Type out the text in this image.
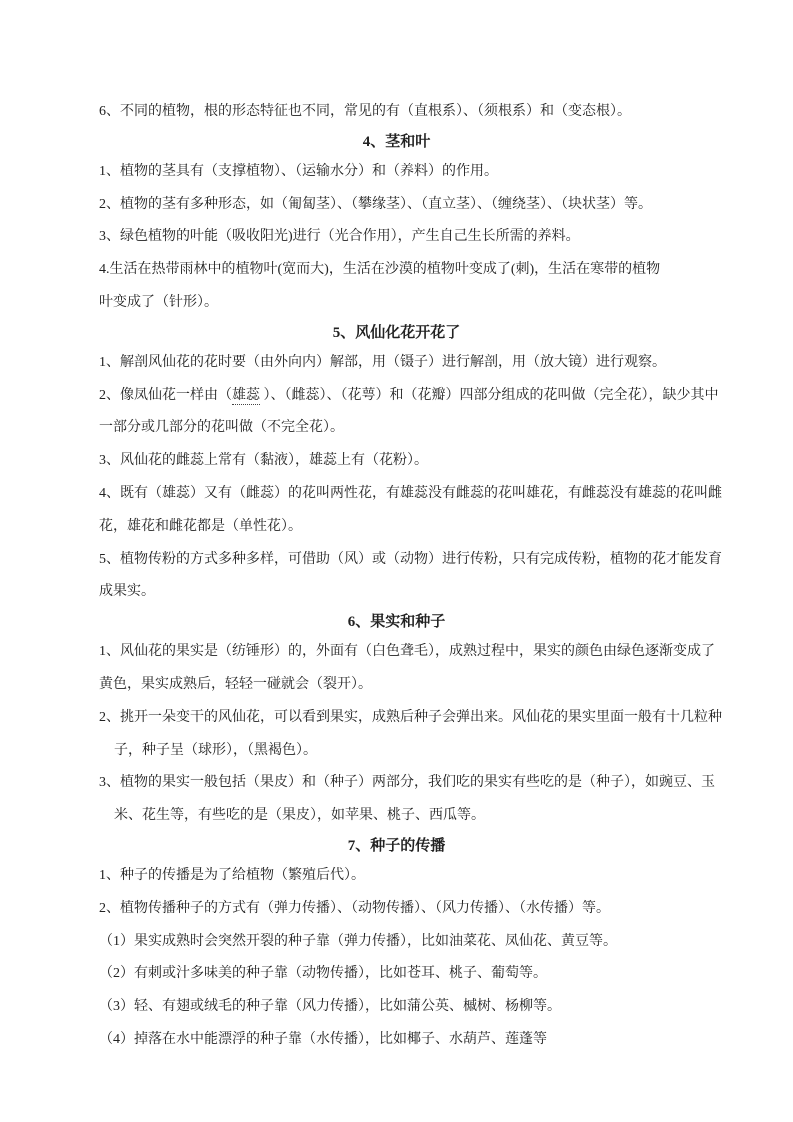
6、不同的植物，根的形态特征也不同，常见的有（直根系）、（须根系）和（变态根）。
4、茎和叶
1、植物的茎具有（支撑植物）、（运输水分）和（养料）的作用。
2、植物的茎有多种形态，如（匍匐茎）、（攀缘茎）、（直立茎）、（缠绕茎）、（块状茎）等。
3、绿色植物的叶能（吸收阳光)进行（光合作用），产生自己生长所需的养料。
4.生活在热带雨林中的植物叶(宽而大)，生活在沙漠的植物叶变成了(刺)，生活在寒带的植物
叶变成了（针形）。
5、风仙化花开花了
1、解剖风仙花的花时要（由外向内）解部，用（镊子）进行解剖，用（放大镜）进行观察。
2、像凤仙花一样由（雄蕊 ）、（雌蕊）、（花萼）和（花瓣）四部分组成的花叫做（完全花），缺少其中
一部分或几部分的花叫做（不完全花）。
3、风仙花的雌蕊上常有（黏液），雄蕊上有（花粉）。
4、既有（雄蕊）又有（雌蕊）的花叫两性花，有雄蕊没有雌蕊的花叫雄花，有雌蕊没有雄蕊的花叫雌
花，雄花和雌花都是（单性花）。
5、植物传粉的方式多种多样，可借助（风）或（动物）进行传粉，只有完成传粉，植物的花才能发育
成果实。
6、果实和种子
1、风仙花的果实是（纺锤形）的，外面有（白色聋毛），成熟过程中，果实的颜色由绿色逐渐变成了
黄色，果实成熟后，轻轻一碰就会（裂开）。
2、挑开一朵变干的风仙花，可以看到果实，成熟后种子会弹出来。风仙花的果实里面一般有十几粒种
子，种子呈（球形），（黑褐色）。
3、植物的果实一般包括（果皮）和（种子）两部分，我们吃的果实有些吃的是（种子），如豌豆、玉
米、花生等，有些吃的是（果皮），如苹果、桃子、西瓜等。
7、种子的传播
1、种子的传播是为了给植物（繁殖后代）。
2、植物传播种子的方式有（弹力传播）、（动物传播）、（风力传播）、（水传播）等。
（1）果实成熟时会突然开裂的种子靠（弹力传播），比如油菜花、凤仙花、黄豆等。
（2）有刺或汁多味美的种子靠（动物传播），比如苍耳、桃子、葡萄等。
（3）轻、有翅或绒毛的种子靠（风力传播），比如蒲公英、槭树、杨柳等。
（4）掉落在水中能漂浮的种子靠（水传播），比如椰子、水葫芦、莲蓬等
